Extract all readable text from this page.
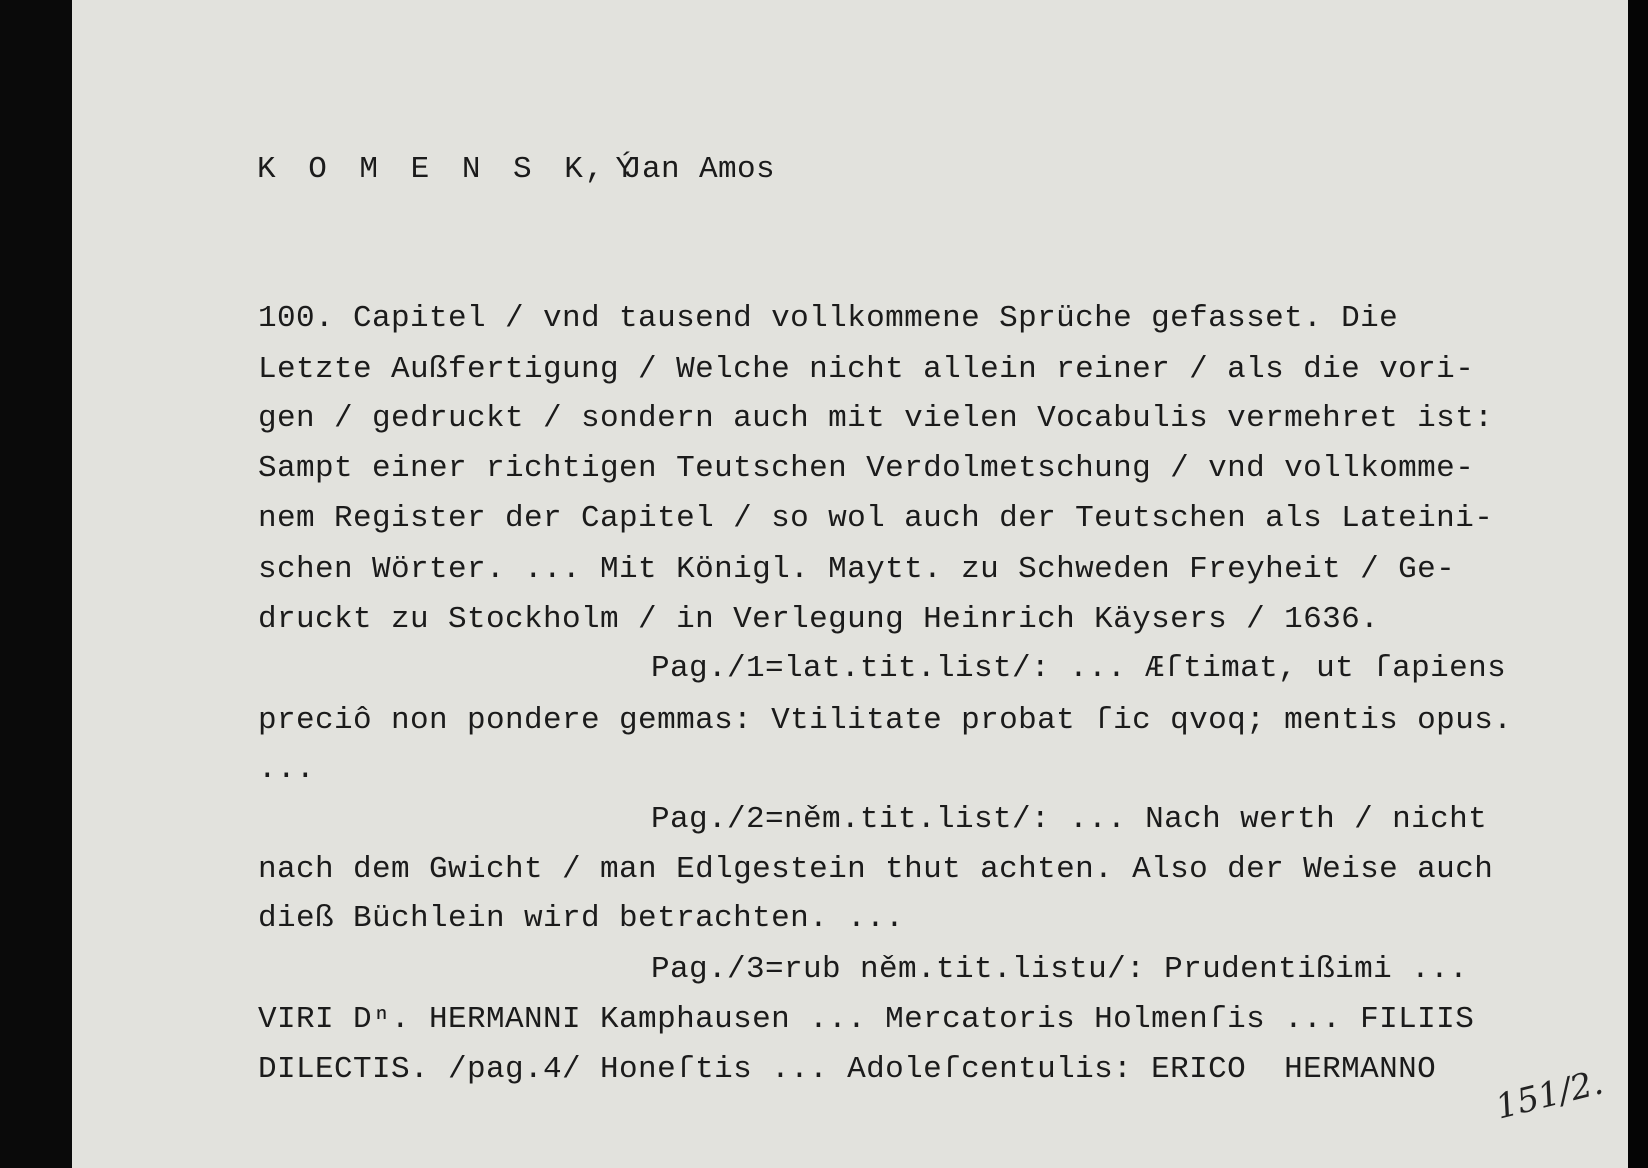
K O M E N S K Ý
, Jan Amos
100. Capitel / vnd tausend vollkommene Sprüche gefasset. Die
Letzte Außfertigung / Welche nicht allein reiner / als die vori-
gen / gedruckt / sondern auch mit vielen Vocabulis vermehret ist:
Sampt einer richtigen Teutschen Verdolmetschung / vnd vollkomme-
nem Register der Capitel / so wol auch der Teutschen als Lateini-
schen Wörter. ... Mit Königl. Maytt. zu Schweden Freyheit / Ge-
druckt zu Stockholm / in Verlegung Heinrich Käysers / 1636.
Pag./1=lat.tit.list/: ... Æſtimat, ut ſapiens
preciô non pondere gemmas: Vtilitate probat ſic qvoq; mentis opus.
...
Pag./2=něm.tit.list/: ... Nach werth / nicht
nach dem Gwicht / man Edlgestein thut achten. Also der Weise auch
dieß Büchlein wird betrachten. ...
Pag./3=rub něm.tit.listu/: Prudentißimi ...
VIRI Dⁿ. HERMANNI Kamphausen ... Mercatoris Holmenſis ... FILIIS
DILECTIS. /pag.4/ Honeſtis ... Adoleſcentulis: ERICO  HERMANNO 151/2.
